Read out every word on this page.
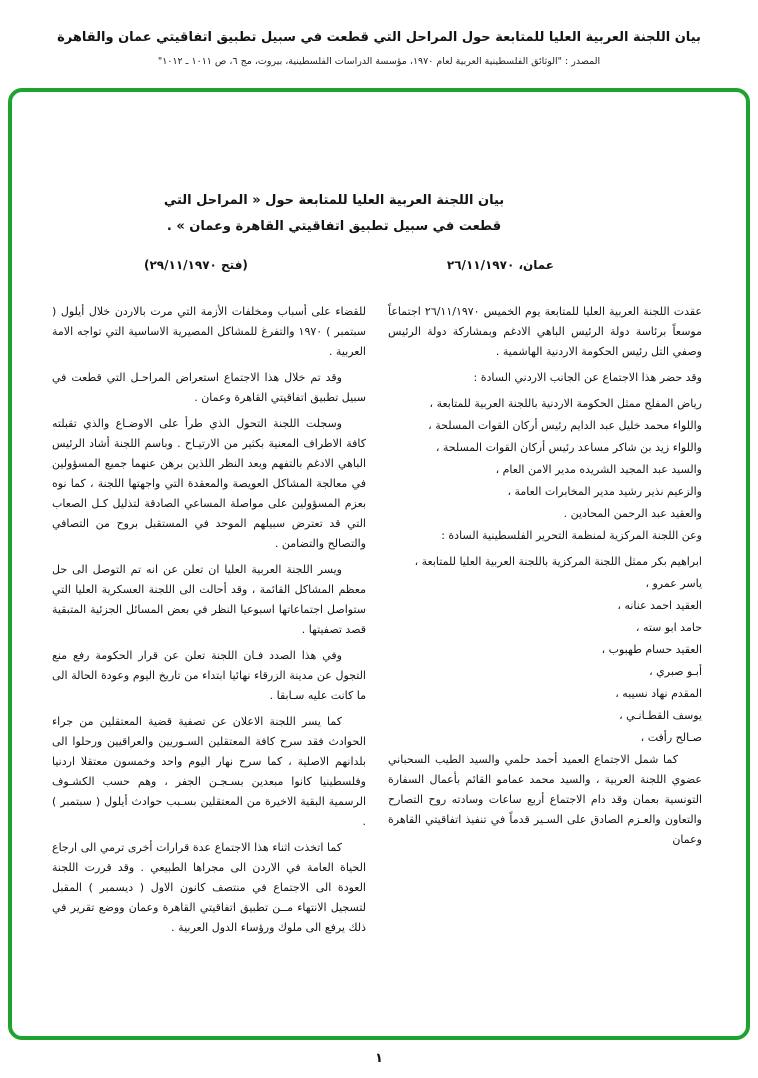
بيان اللجنة العربية العليا للمتابعة حول المراحل التي قطعت في سبيل تطبيق اتفاقيتي عمان والقاهرة
المصدر : "الوثائق الفلسطينية العربية لعام ١٩٧٠، مؤسسة الدراسات الفلسطينية، بيروت، مج ٦، ص ١٠١١ ـ ١٠١٢"
بيان اللجنة العربية العليا للمتابعة حول « المراحل التي
قطعت في سبيل تطبيق اتفاقيتي القاهرة وعمان » .
عمان، ٢٦/١١/١٩٧٠
(فتح ٢٩/١١/١٩٧٠)
عقدت اللجنة العربية العليا للمتابعة يوم الخميس ٢٦/١١/١٩٧٠ اجتماعاً موسعاً برئاسة دولة الرئيس الباهي الادغم وبمشاركة دولة الرئيس وصفي التل رئيس الحكومة الاردنية الهاشمية .
وقد حضر هذا الاجتماع عن الجانب الاردني السادة :
رياض المفلح ممثل الحكومة الاردنية باللجنة العربية للمتابعة ،
واللواء محمد خليل عبد الدايم رئيس أركان القوات المسلحة ،
واللواء زيد بن شاكر مساعد رئيس أركان القوات المسلحة ،
والسيد عبد المجيد الشريده مدير الامن العام ،
والزعيم نذير رشيد مدير المخابرات العامة ،
والعقيد عبد الرحمن المحادين .
وعن اللجنة المركزية لمنظمة التحرير الفلسطينية السادة :
ابراهيم بكر ممثل اللجنة المركزية باللجنة العربية العليا للمتابعة ،
ياسر عمرو ،
العقيد احمد عنانه ،
حامد ابو سته ،
العقيد حسام طهبوب ،
أبـو صبري ،
المقدم نهاد نسيبه ،
يوسف القطـانـي ،
صـالح رأفت ،
كما شمل الاجتماع العميد أحمد حلمي والسيد الطيب السحباني عضوي اللجنة العربية ، والسيد محمد عمامو القائم بأعمال السفارة التونسية بعمان وقد دام الاجتماع أربع ساعات وسادته روح التصارح والتعاون والعـزم الصادق على السـير قدماً في تنفيذ اتفاقيتي القاهرة وعمان
للقضاء على أسباب ومخلفات الأزمة التي مرت بالاردن خلال أيلول ( سبتمبر ) ١٩٧٠ والتفرغ للمشاكل المصيرية الاساسية التي تواجه الامة العربية .
وقد تم خلال هذا الاجتماع استعراض المراحـل التي قطعت في سبيل تطبيق اتفاقيتي القاهرة وعمان .
وسجلت اللجنة التحول الذي طرأ على الاوضـاع والذي تقبلته كافة الاطراف المعنية بكثير من الارتيـاح . وباسم اللجنة أشاد الرئيس الباهي الادغم بالتفهم وبعد النظر اللذين برهن عنهما جميع المسؤولين في معالجة المشاكل العويصة والمعقدة التي واجهتها اللجنة ، كما نوه بعزم المسؤولين على مواصلة المساعي الصادقة لتذليل كـل الصعاب التي قد تعترض سبيلهم الموحد في المستقبل بروح من التصافي والتصالح والتضامن .
ويسر اللجنة العربية العليا ان تعلن عن انه تم التوصل الى حل معظم المشاكل القائمة ، وقد أحالت الى اللجنة العسكرية العليا التي ستواصل اجتماعاتها اسبوعيا النظر في بعض المسائل الجزئية المتبقية قصد تصفيتها .
وفي هذا الصدد فـان اللجنة تعلن عن قرار الحكومة رفع منع التجول عن مدينة الزرقاء نهائيا ابتداء من تاريخ اليوم وعودة الحالة الى ما كانت عليه سـابقا .
كما يسر اللجنة الاعلان عن تصفية قضية المعتقلين من جراء الحوادث فقد سرح كافة المعتقلين السـوريين والعراقيين ورحلوا الى بلدانهم الاصلية ، كما سرح نهار اليوم واحد وخمسون معتقلا اردنيا وفلسطينيا كانوا مبعدين بسـجـن الجفر ، وهم حسب الكشـوف الرسمية البقية الاخيرة من المعتقلين بسـبب حوادث أيلول ( سبتمبر ) .
كما اتخذت اثناء هذا الاجتماع عدة قرارات أخرى ترمي الى ارجاع الحياة العامة في الاردن الى مجراها الطبيعي . وقد قررت اللجنة العودة الى الاجتماع في منتصف كانون الاول ( ديسمبر ) المقبل لتسجيل الانتهاء مــن تطبيق اتفاقيتي القاهرة وعمان ووضع تقرير في ذلك يرفع الى ملوك ورؤساء الدول العربية .
١
